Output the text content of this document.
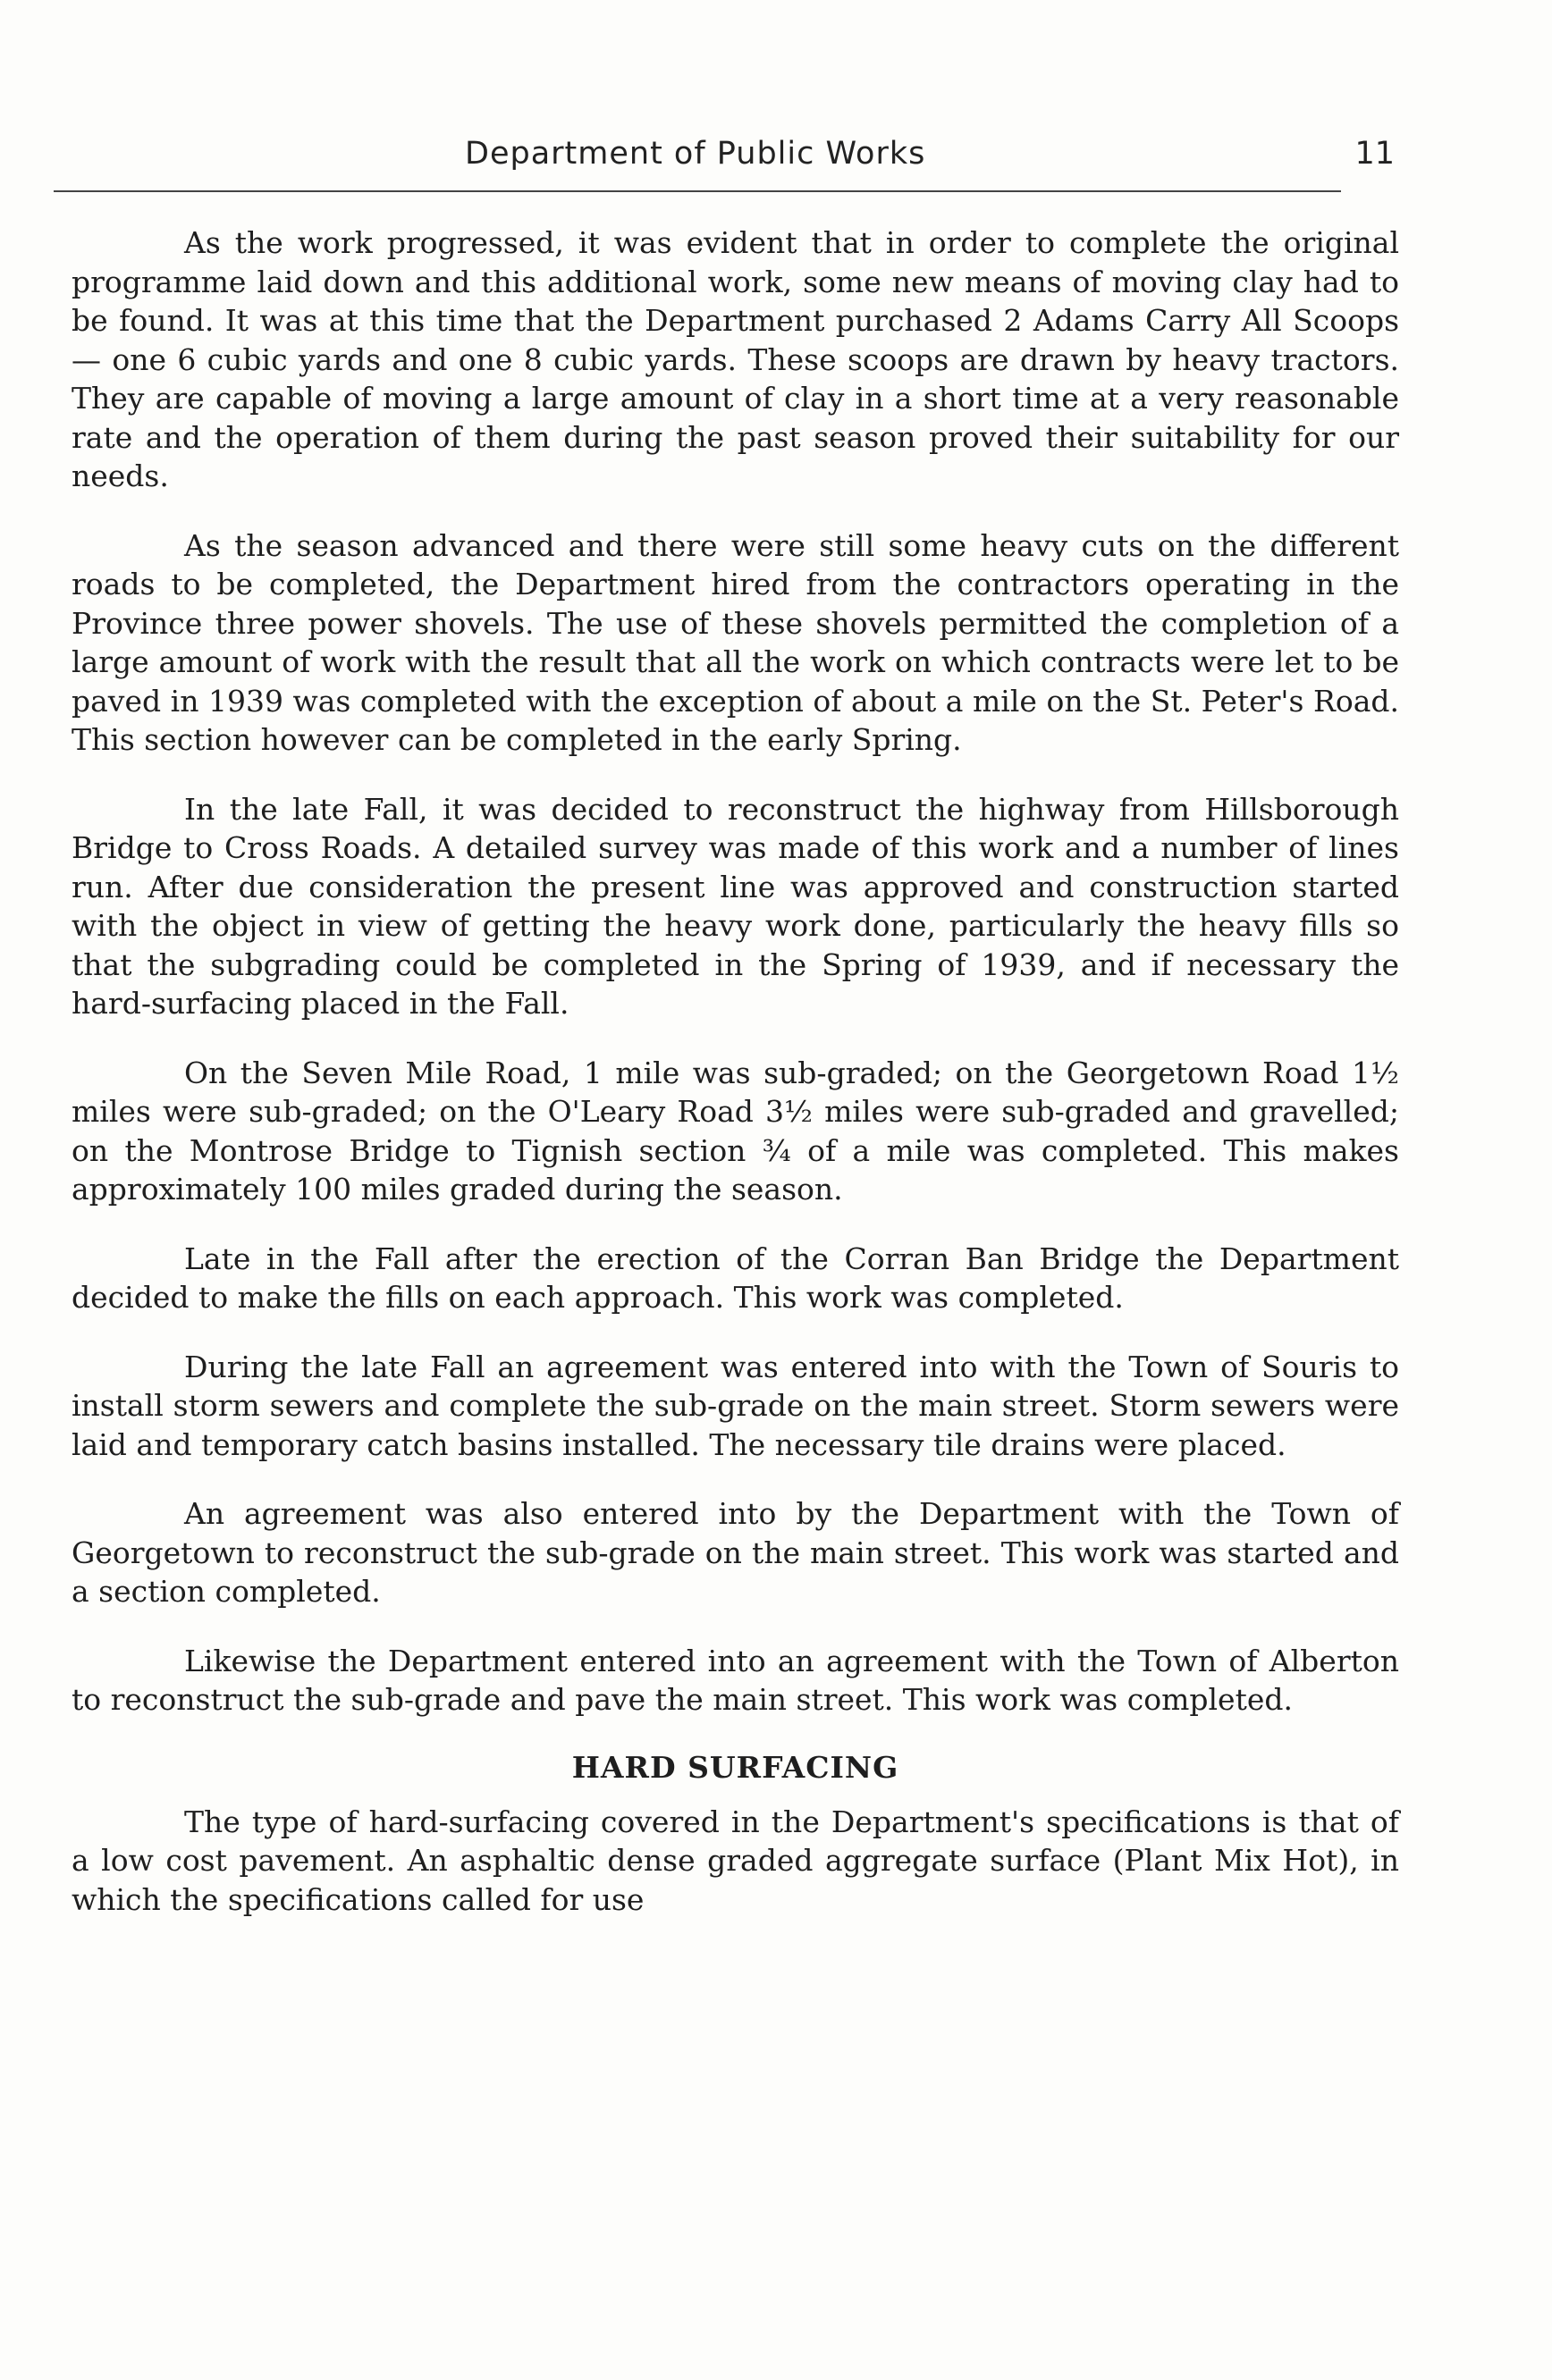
Department of Public Works	11

As the work progressed, it was evident that in order to complete the original programme laid down and this additional work, some new means of moving clay had to be found. It was at this time that the Department purchased 2 Adams Carry All Scoops — one 6 cubic yards and one 8 cubic yards. These scoops are drawn by heavy tractors. They are capable of moving a large amount of clay in a short time at a very reasonable rate and the operation of them during the past season proved their suitability for our needs.

As the season advanced and there were still some heavy cuts on the different roads to be completed, the Department hired from the contractors operating in the Province three power shovels. The use of these shovels permitted the completion of a large amount of work with the result that all the work on which contracts were let to be paved in 1939 was completed with the exception of about a mile on the St. Peter's Road. This section however can be completed in the early Spring.

In the late Fall, it was decided to reconstruct the highway from Hillsborough Bridge to Cross Roads. A detailed survey was made of this work and a number of lines run. After due consideration the present line was approved and construction started with the object in view of getting the heavy work done, particularly the heavy fills so that the subgrading could be completed in the Spring of 1939, and if necessary the hard-surfacing placed in the Fall.

On the Seven Mile Road, 1 mile was sub-graded; on the Georgetown Road 1½ miles were sub-graded; on the O'Leary Road 3½ miles were sub-graded and gravelled; on the Montrose Bridge to Tignish section ¾ of a mile was completed. This makes approximately 100 miles graded during the season.

Late in the Fall after the erection of the Corran Ban Bridge the Department decided to make the fills on each approach. This work was completed.

During the late Fall an agreement was entered into with the Town of Souris to install storm sewers and complete the sub-grade on the main street. Storm sewers were laid and temporary catch basins installed. The necessary tile drains were placed.

An agreement was also entered into by the Department with the Town of Georgetown to reconstruct the sub-grade on the main street. This work was started and a section completed.

Likewise the Department entered into an agreement with the Town of Alberton to reconstruct the sub-grade and pave the main street. This work was completed.

HARD SURFACING

The type of hard-surfacing covered in the Department's specifications is that of a low cost pavement. An asphaltic dense graded aggregate surface (Plant Mix Hot), in which the specifications called for use
